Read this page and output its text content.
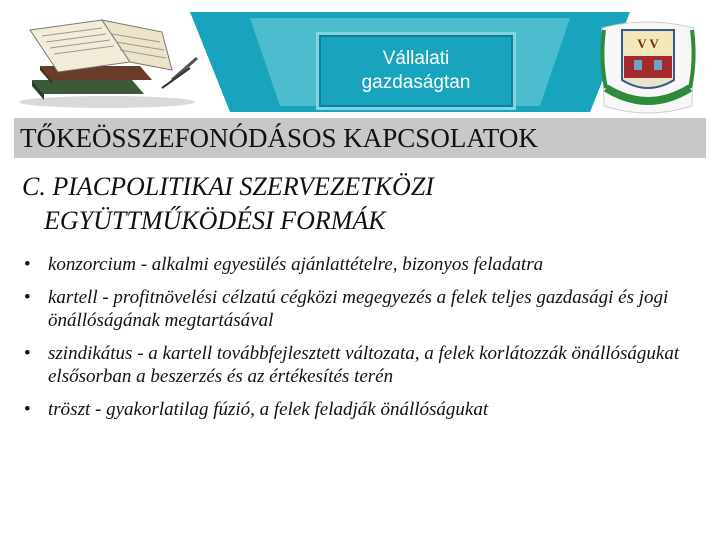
Vállalati
gazdaságtan
V V
TŐKEÖSSZEFONÓDÁSOS KAPCSOLATOK
C. PIACPOLITIKAI SZERVEZETKÖZI
EGYÜTTMŰKÖDÉSI FORMÁK
• konzorcium - alkalmi egyesülés ajánlattételre, bizonyos feladatra
• kartell - profitnövelési célzatú cégközi megegyezés a felek teljes gazdasági és jogi önállóságának megtartásával
• szindikátus - a kartell továbbfejlesztett változata, a felek korlátozzák önállóságukat elsősorban a beszerzés és az értékesítés terén
• tröszt - gyakorlatilag fúzió, a felek feladják önállóságukat
